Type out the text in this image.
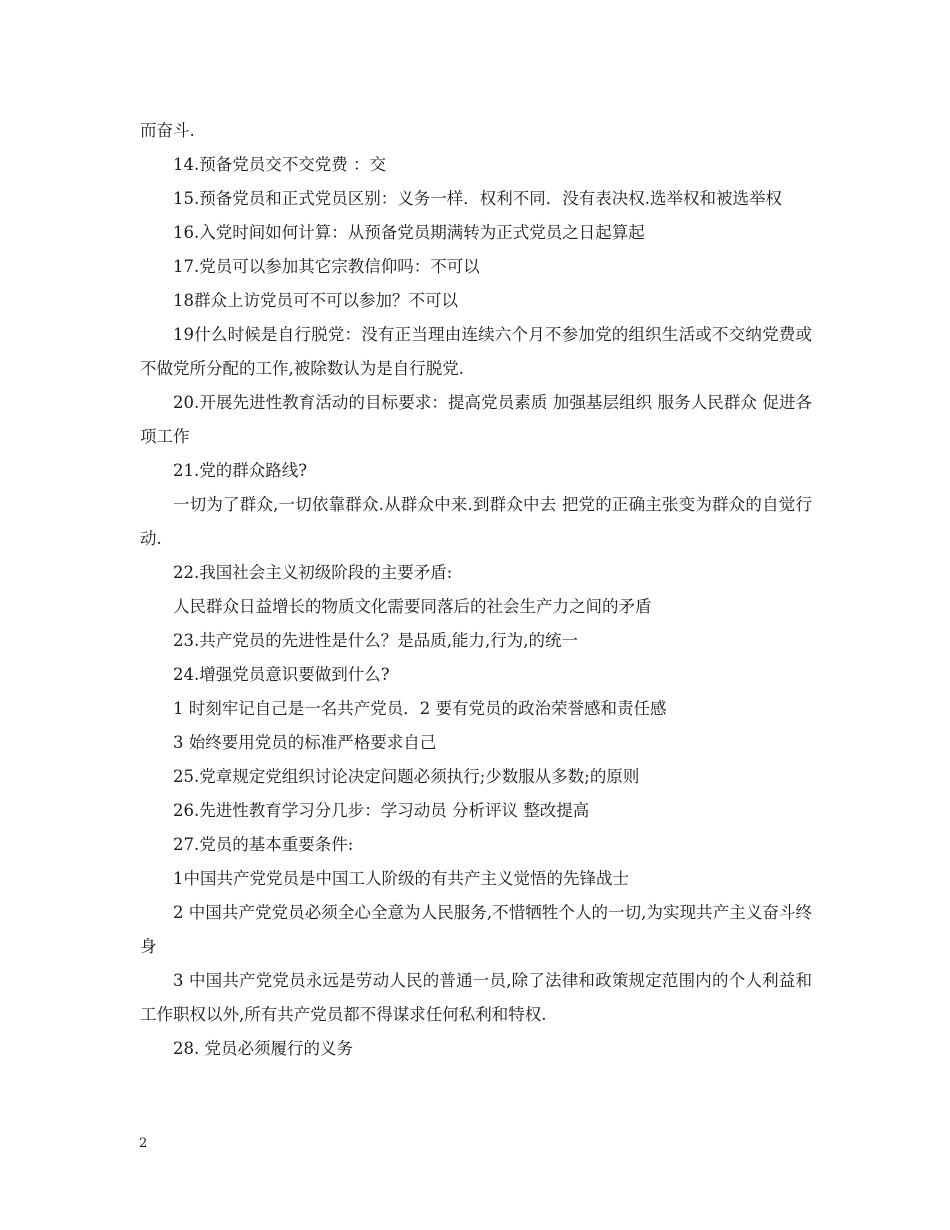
而奋斗.

14.预备党员交不交党费 ：交

15.预备党员和正式党员区别：义务一样．权利不同．没有表决权.选举权和被选举权

16.入党时间如何计算：从预备党员期满转为正式党员之日起算起

17.党员可以参加其它宗教信仰吗：不可以

18群众上访党员可不可以参加？不可以

19什么时候是自行脱党：没有正当理由连续六个月不参加党的组织生活或不交纳党费或不做党所分配的工作,被除数认为是自行脱党.

20.开展先进性教育活动的目标要求：提高党员素质 加强基层组织 服务人民群众 促进各项工作

21.党的群众路线?

一切为了群众,一切依靠群众.从群众中来.到群众中去 把党的正确主张变为群众的自觉行动.

22.我国社会主义初级阶段的主要矛盾:

人民群众日益增长的物质文化需要同落后的社会生产力之间的矛盾

23.共产党员的先进性是什么？是品质,能力,行为,的统一

24.增强党员意识要做到什么?

1 时刻牢记自己是一名共产党员．2 要有党员的政治荣誉感和责任感

3 始终要用党员的标准严格要求自己

25.党章规定党组织讨论决定问题必须执行;少数服从多数;的原则

26.先进性教育学习分几步：学习动员 分析评议 整改提高

27.党员的基本重要条件:

1中国共产党党员是中国工人阶级的有共产主义觉悟的先锋战士

2 中国共产党党员必须全心全意为人民服务,不惜牺牲个人的一切,为实现共产主义奋斗终身

3 中国共产党党员永远是劳动人民的普通一员,除了法律和政策规定范围内的个人利益和工作职权以外,所有共产党员都不得谋求任何私利和特权.

28. 党员必须履行的义务

2
